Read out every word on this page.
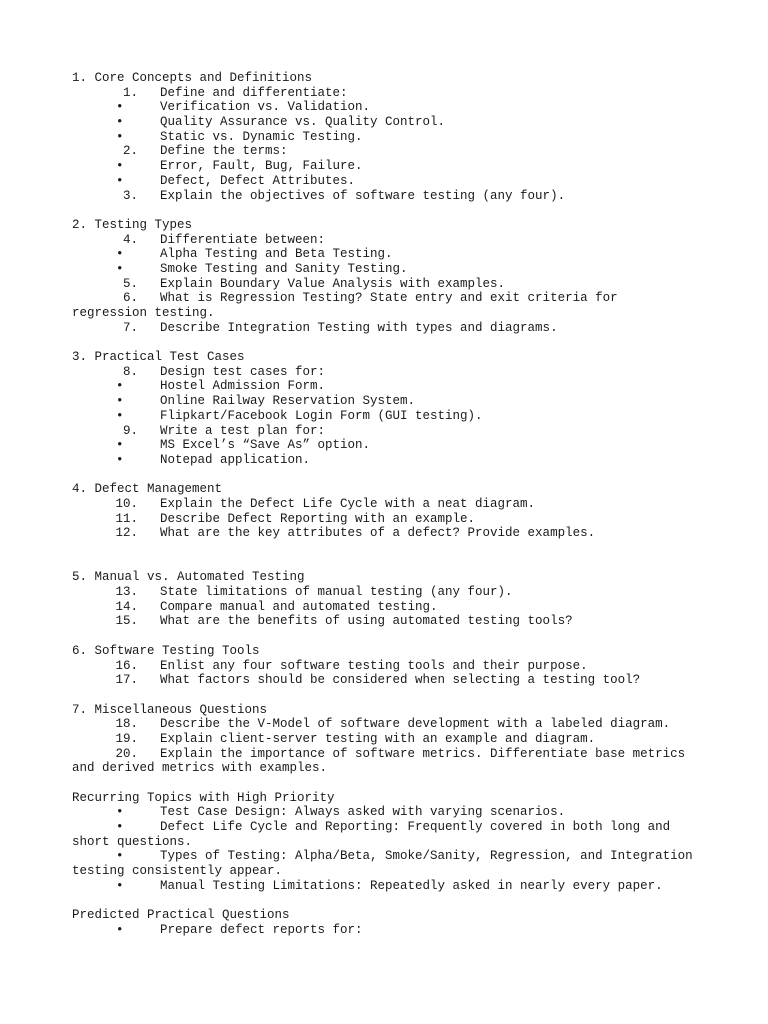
1. Core Concepts and Definitions
1. Define and differentiate:
•	Verification vs. Validation.
•	Quality Assurance vs. Quality Control.
•	Static vs. Dynamic Testing.
2. Define the terms:
•	Error, Fault, Bug, Failure.
•	Defect, Defect Attributes.
3. Explain the objectives of software testing (any four).
2. Testing Types
4. Differentiate between:
•	Alpha Testing and Beta Testing.
•	Smoke Testing and Sanity Testing.
5. Explain Boundary Value Analysis with examples.
6. What is Regression Testing? State entry and exit criteria for
regression testing.
7. Describe Integration Testing with types and diagrams.
3. Practical Test Cases
8. Design test cases for:
•	Hostel Admission Form.
•	Online Railway Reservation System.
•	Flipkart/Facebook Login Form (GUI testing).
9. Write a test plan for:
•	MS Excel’s “Save As” option.
•	Notepad application.
4. Defect Management
10. Explain the Defect Life Cycle with a neat diagram.
11. Describe Defect Reporting with an example.
12. What are the key attributes of a defect? Provide examples.
5. Manual vs. Automated Testing
13. State limitations of manual testing (any four).
14. Compare manual and automated testing.
15. What are the benefits of using automated testing tools?
6. Software Testing Tools
16. Enlist any four software testing tools and their purpose.
17. What factors should be considered when selecting a testing tool?
7. Miscellaneous Questions
18. Describe the V-Model of software development with a labeled diagram.
19. Explain client-server testing with an example and diagram.
20. Explain the importance of software metrics. Differentiate base metrics
and derived metrics with examples.
Recurring Topics with High Priority
•	Test Case Design: Always asked with varying scenarios.
•	Defect Life Cycle and Reporting: Frequently covered in both long and
short questions.
•	Types of Testing: Alpha/Beta, Smoke/Sanity, Regression, and Integration
testing consistently appear.
•	Manual Testing Limitations: Repeatedly asked in nearly every paper.
Predicted Practical Questions
•	Prepare defect reports for:
